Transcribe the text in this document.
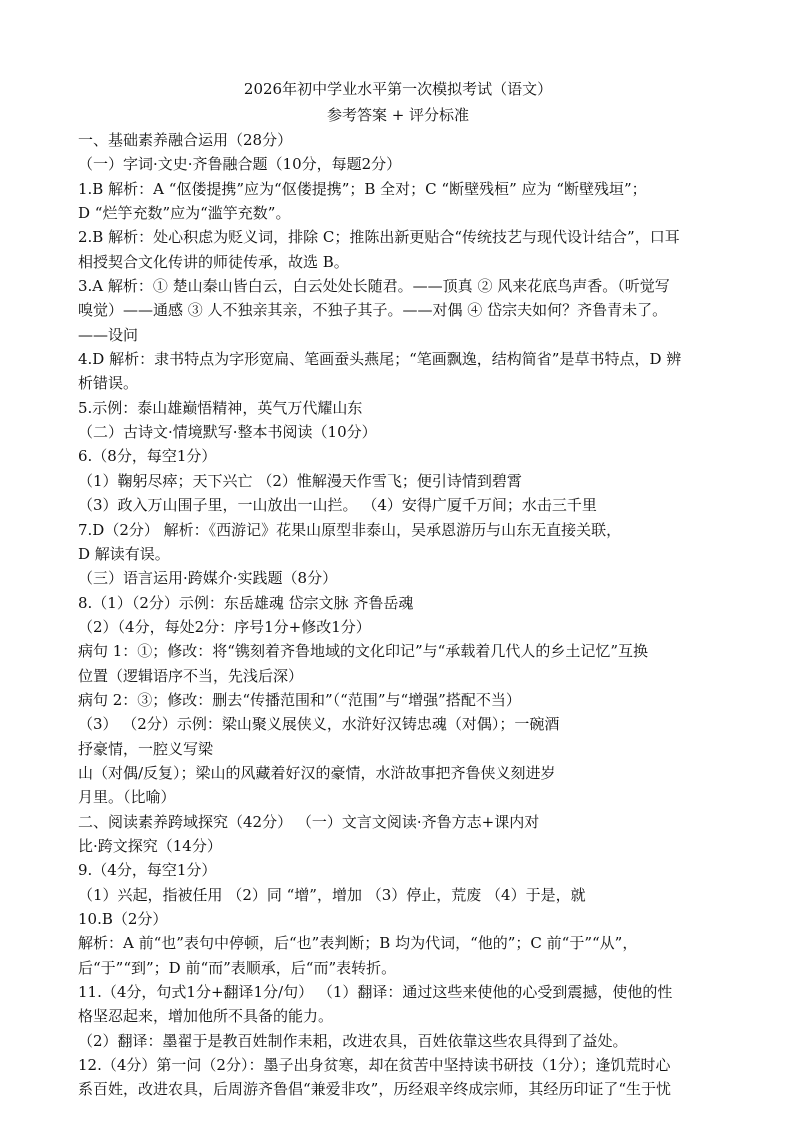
2026年初中学业水平第一次模拟考试（语文）

参考答案 + 评分标准

一、基础素养融合运用（28分）
（一）字词·文史·齐鲁融合题（10分，每题2分）
1.B 解析：A “伛偻提携”应为“伛偻提携”；B 全对；C “断壁残桓” 应为 “断壁残垣”；
D “烂竽充数”应为“滥竽充数”。
2.B 解析：处心积虑为贬义词，排除 C；推陈出新更贴合“传统技艺与现代设计结合”，口耳
相授契合文化传讲的师徒传承，故选 B。
3.A 解析：① 楚山秦山皆白云，白云处处长随君。——顶真 ② 风来花底鸟声香。（听觉写
嗅觉）——通感 ③ 人不独亲其亲，不独子其子。——对偶 ④ 岱宗夫如何？齐鲁青未了。
——设问
4.D 解析：隶书特点为字形宽扁、笔画蚕头燕尾；“笔画飘逸，结构简省”是草书特点，D 辨
析错误。
5.示例：泰山雄巅悟精神，英气万代耀山东
（二）古诗文·情境默写·整本书阅读（10分）
6.（8分，每空1分）
（1）鞠躬尽瘁；天下兴亡 （2）惟解漫天作雪飞；便引诗情到碧霄
（3）政入万山围子里，一山放出一山拦。 （4）安得广厦千万间；水击三千里
7.D（2分） 解析：《西游记》花果山原型非泰山，吴承恩游历与山东无直接关联，
D 解读有误。
（三）语言运用·跨媒介·实践题（8分）
8.（1）（2分）示例：东岳雄魂 岱宗文脉 齐鲁岳魂
（2）（4分，每处2分：序号1分+修改1分）
病句 1：①；修改：将“镌刻着齐鲁地域的文化印记”与“承载着几代人的乡土记忆”互换
位置（逻辑语序不当，先浅后深）
病句 2：③；修改：删去“传播范围和”（“范围”与“增强”搭配不当）
（3） （2分）示例：梁山聚义展侠义，水浒好汉铸忠魂（对偶）；一碗酒
抒豪情，一腔义写梁
山（对偶/反复）；梁山的风藏着好汉的豪情，水浒故事把齐鲁侠义刻进岁
月里。（比喻）
二、阅读素养跨域探究（42分） （一）文言文阅读·齐鲁方志+课内对
比·跨文探究（14分）
9.（4分，每空1分）
（1）兴起，指被任用 （2）同 “增”，增加 （3）停止，荒废 （4）于是，就
10.B（2分）
解析：A 前“也”表句中停顿，后“也”表判断；B 均为代词，“他的”；C 前“于”“从”，
后“于”“到”；D 前“而”表顺承，后“而”表转折。
11.（4分，句式1分+翻译1分/句） （1）翻译：通过这些来使他的心受到震撼，使他的性
格坚忍起来，增加他所不具备的能力。
（2）翻译：墨翟于是教百姓制作耒耜，改进农具，百姓依靠这些农具得到了益处。
12.（4分）第一问（2分）：墨子出身贫寒，却在贫苦中坚持读书研技（1分）；逢饥荒时心
系百姓，改进农具，后周游齐鲁倡“兼爱非攻”，历经艰辛终成宗师，其经历印证了“生于忧
